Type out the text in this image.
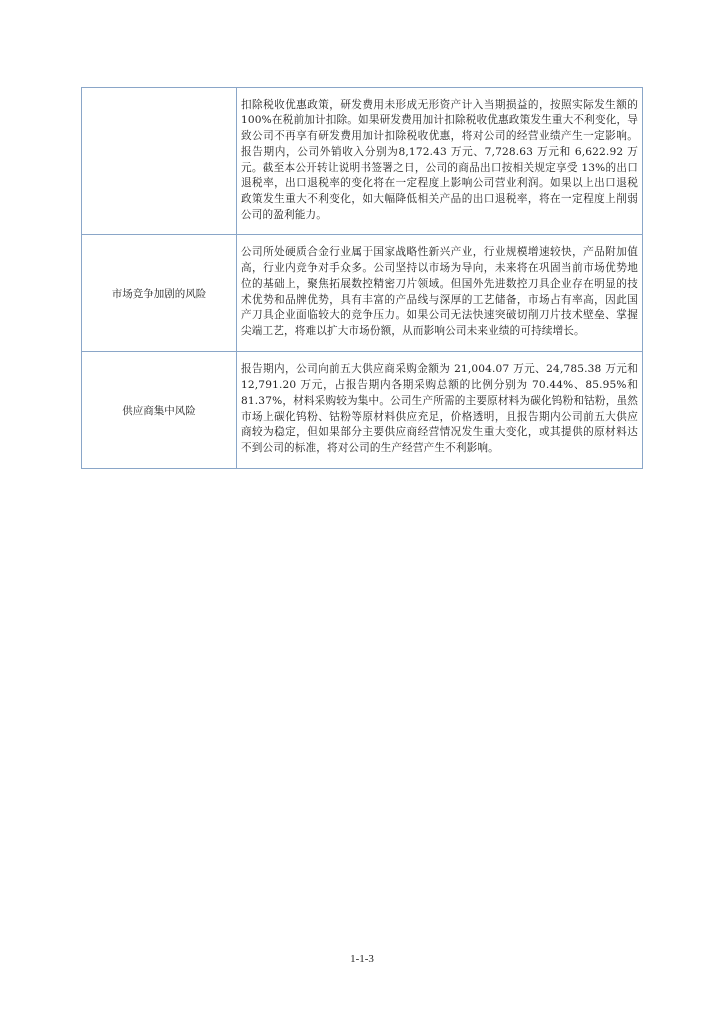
	扣除税收优惠政策，研发费用未形成无形资产计入当期损益的，按照实际发生额的100%在税前加计扣除。如果研发费用加计扣除税收优惠政策发生重大不利变化，导致公司不再享有研发费用加计扣除税收优惠，将对公司的经营业绩产生一定影响。报告期内，公司外销收入分别为8,172.43 万元、7,728.63 万元和 6,622.92 万元。截至本公开转让说明书签署之日，公司的商品出口按相关规定享受 13%的出口退税率，出口退税率的变化将在一定程度上影响公司营业利润。如果以上出口退税政策发生重大不利变化，如大幅降低相关产品的出口退税率，将在一定程度上削弱公司的盈利能力。
市场竞争加剧的风险	公司所处硬质合金行业属于国家战略性新兴产业，行业规模增速较快，产品附加值高，行业内竞争对手众多。公司坚持以市场为导向，未来将在巩固当前市场优势地位的基础上，聚焦拓展数控精密刀片领域。但国外先进数控刀具企业存在明显的技术优势和品牌优势，具有丰富的产品线与深厚的工艺储备，市场占有率高，因此国产刀具企业面临较大的竞争压力。如果公司无法快速突破切削刀片技术壁垒、掌握尖端工艺，将难以扩大市场份额，从而影响公司未来业绩的可持续增长。
供应商集中风险	报告期内，公司向前五大供应商采购金额为 21,004.07 万元、24,785.38 万元和 12,791.20 万元，占报告期内各期采购总额的比例分别为 70.44%、85.95%和 81.37%，材料采购较为集中。公司生产所需的主要原材料为碳化钨粉和钴粉，虽然市场上碳化钨粉、钴粉等原材料供应充足，价格透明，且报告期内公司前五大供应商较为稳定，但如果部分主要供应商经营情况发生重大变化，或其提供的原材料达不到公司的标准，将对公司的生产经营产生不利影响。
1-1-3
